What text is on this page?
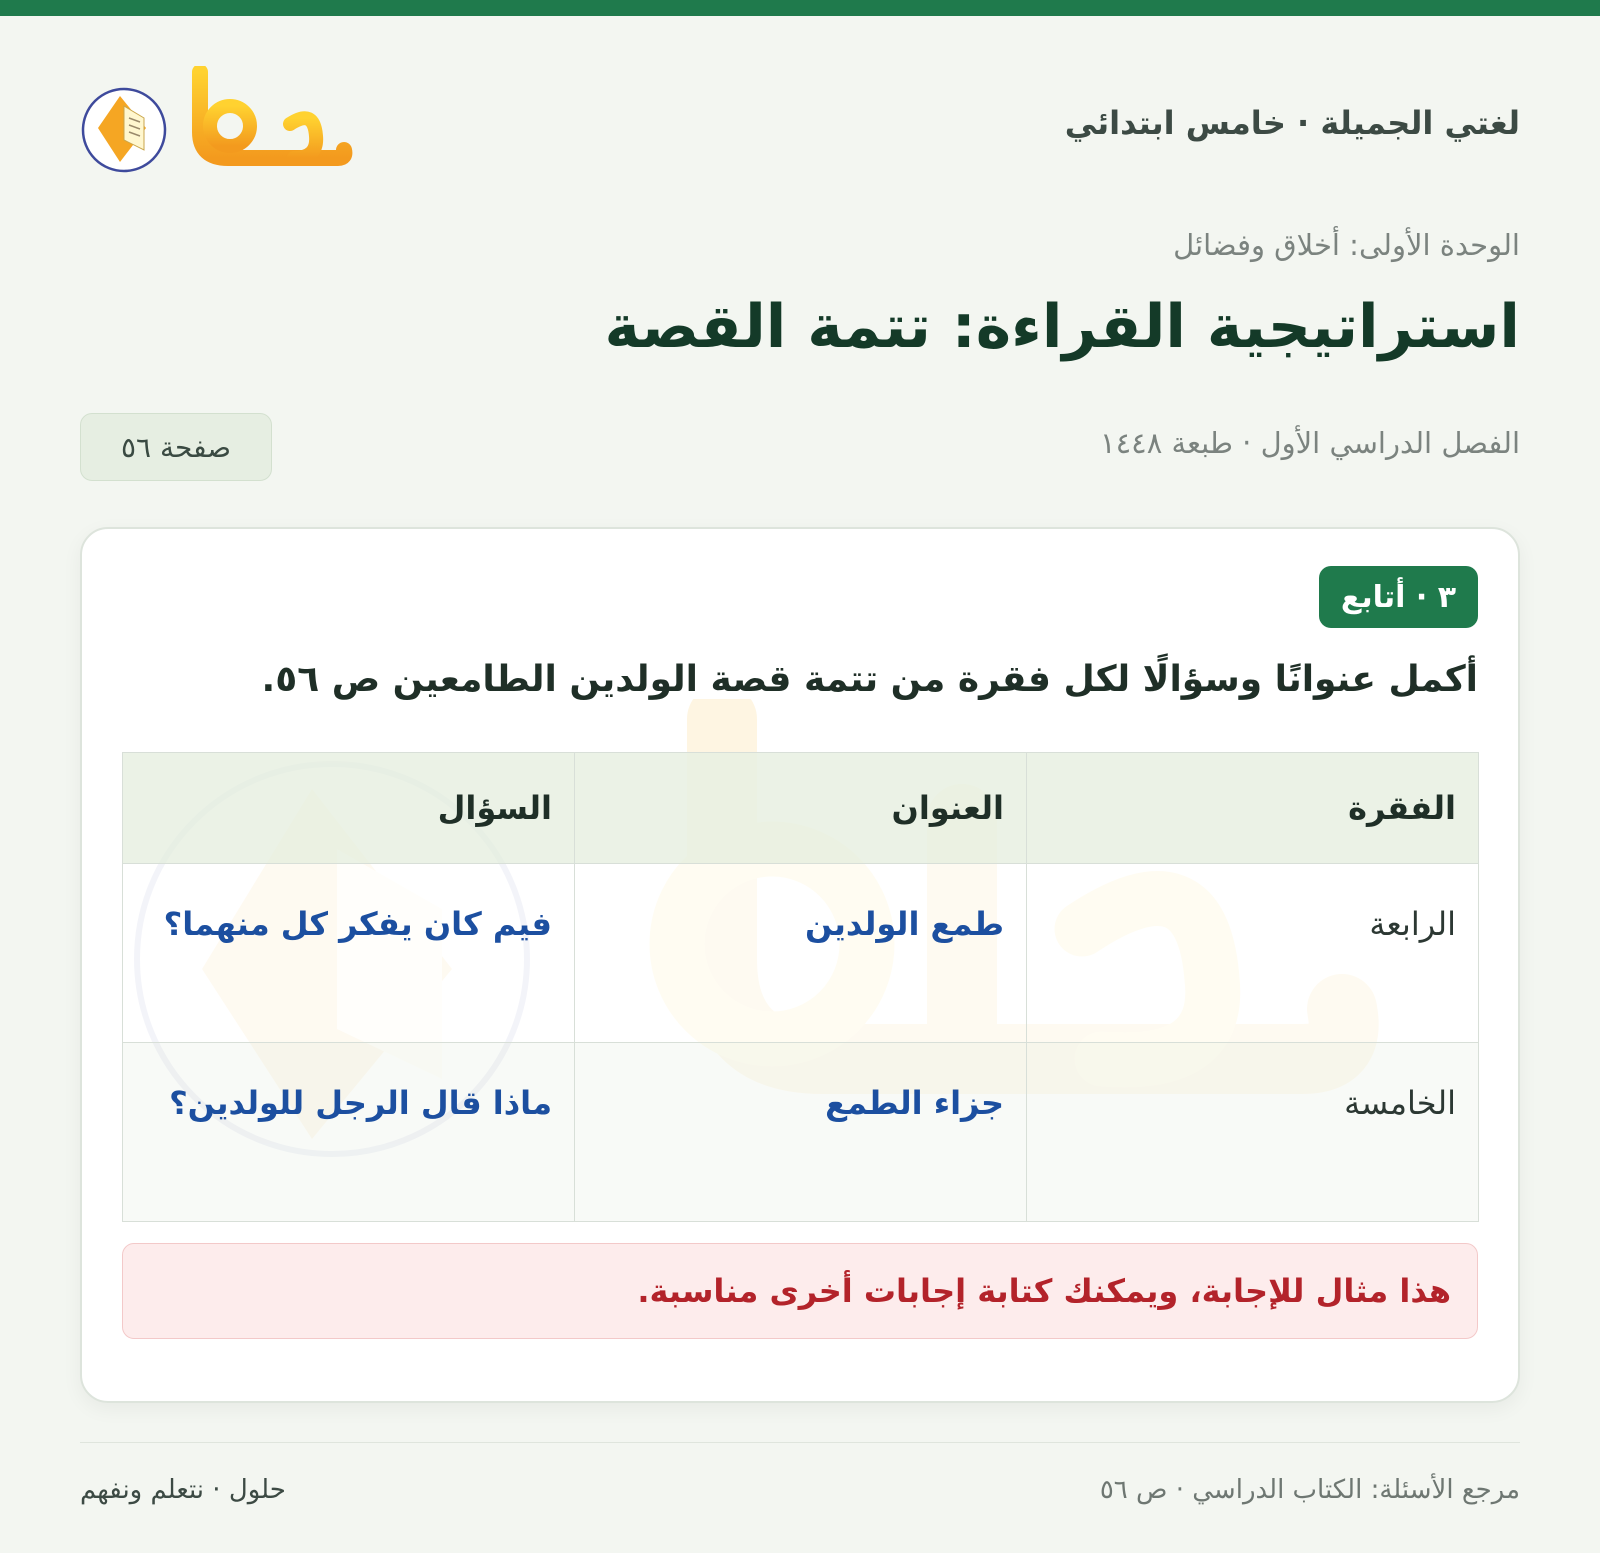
لغتي الجميلة · خامس ابتدائي
الوحدة الأولى: أخلاق وفضائل
استراتيجية القراءة: تتمة القصة
الفصل الدراسي الأول · طبعة ١٤٤٨
صفحة ٥٦
٣ · أتابع
أكمل عنوانًا وسؤالًا لكل فقرة من تتمة قصة الولدين الطامعين ص ٥٦.
الفقرة	العنوان	السؤال
الرابعة	طمع الولدين	فيم كان يفكر كل منهما؟
الخامسة	جزاء الطمع	ماذا قال الرجل للولدين؟
هذا مثال للإجابة، ويمكنك كتابة إجابات أخرى مناسبة.
مرجع الأسئلة: الكتاب الدراسي · ص ٥٦
حلول · نتعلم ونفهم
